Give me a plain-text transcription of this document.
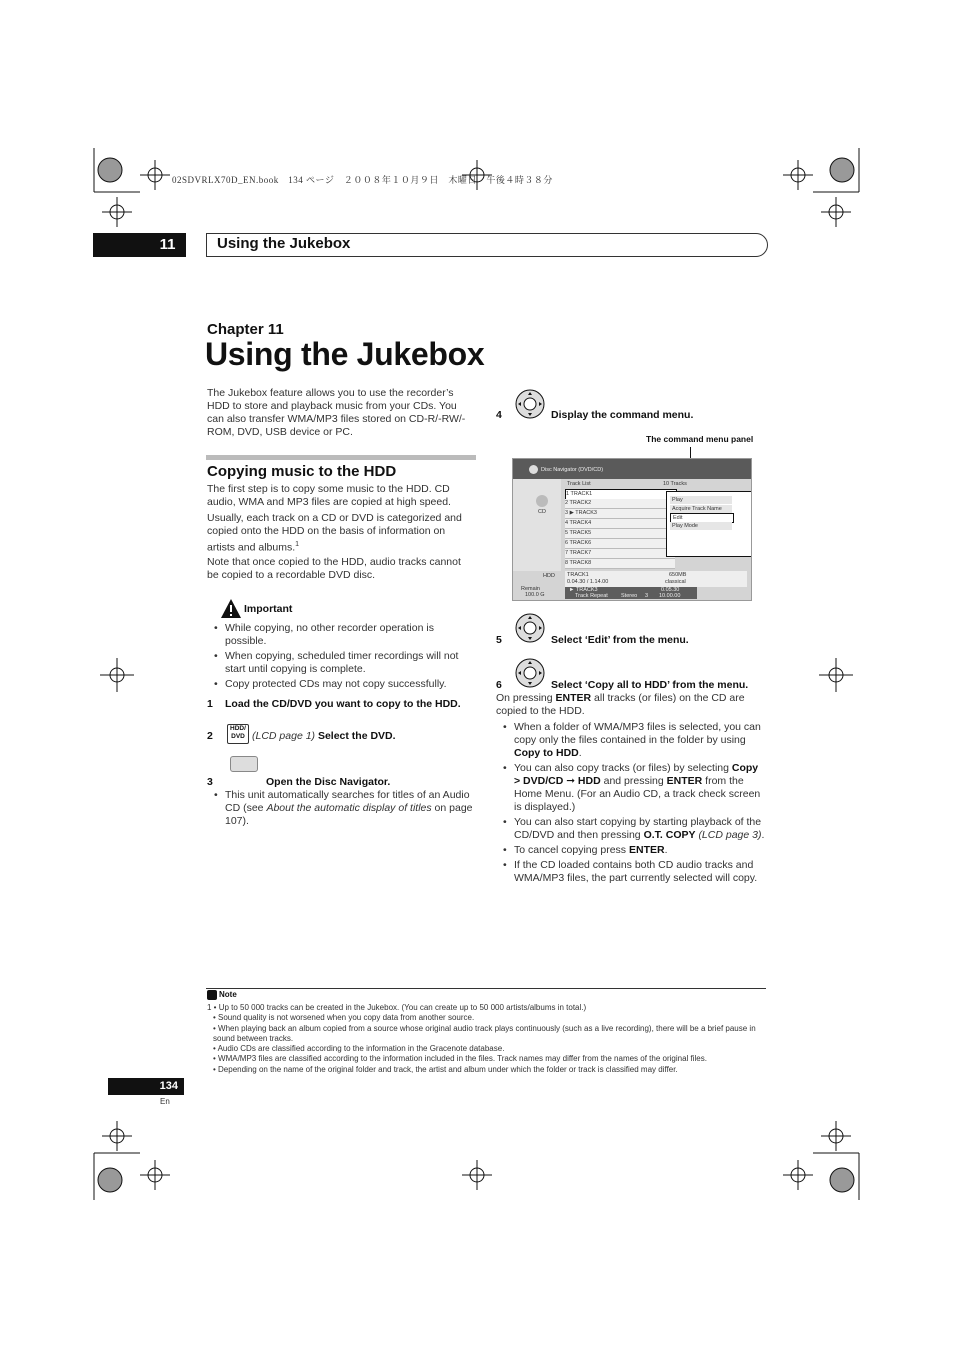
02SDVRLX70D_EN.book　134 ページ　２００８年１０月９日　木曜日　午後４時３８分
11	Using the Jukebox
Chapter 11
Using the Jukebox
The Jukebox feature allows you to use the recorder’s HDD to store and playback music from your CDs. You can also transfer WMA/MP3 files stored on CD-R/-RW/-ROM, DVD, USB device or PC.
Copying music to the HDD
The first step is to copy some music to the HDD. CD audio, WMA and MP3 files are copied at high speed.
Usually, each track on a CD or DVD is categorized and copied onto the HDD on the basis of information on artists and albums.$^1$
Note that once copied to the HDD, audio tracks cannot be copied to a recordable DVD disc.
Important
• While copying, no other recorder operation is possible.
• When copying, scheduled timer recordings will not start until copying is complete.
• Copy protected CDs may not copy successfully.
1 Load the CD/DVD you want to copy to the HDD.
2
HDD/ DVD (LCD page 1) Select the DVD.
3	Open the Disc Navigator.
• This unit automatically searches for titles of an Audio CD (see About the automatic display of titles on page 107).
4	Display the command menu.
The command menu panel
Disc Navigator (DVD/CD)
CD
Track List	10 Tracks
1 TRACK1
2 TRACK2
3 ▶ TRACK3
4 TRACK4
5 TRACK5
6 TRACK6
7 TRACK7
8 TRACK8
Play
Acquire Track Name
Edit
Play Mode
TRACK1
0.04.30 / 1.14.00
650MB
classical
HDD
Remain
100.0 G
► TRACK3	0.05.30
Track Repeat Stereo 3 10.00.00
5	Select ‘Edit’ from the menu.
6	Select ‘Copy all to HDD’ from the menu.
On pressing ENTER all tracks (or files) on the CD are copied to the HDD.
• When a folder of WMA/MP3 files is selected, you can copy only the files contained in the folder by using Copy to HDD.
• You can also copy tracks (or files) by selecting Copy > DVD/CD ➞ HDD and pressing ENTER from the Home Menu. (For an Audio CD, a track check screen is displayed.)
• You can also start copying by starting playback of the CD/DVD and then pressing O.T. COPY (LCD page 3).
• To cancel copying press ENTER.
• If the CD loaded contains both CD audio tracks and WMA/MP3 files, the part currently selected will copy.
Note
1 • Up to 50 000 tracks can be created in the Jukebox. (You can create up to 50 000 artists/albums in total.)
• Sound quality is not worsened when you copy data from another source.
• When playing back an album copied from a source whose original audio track plays continuously (such as a live recording), there will be a brief pause in sound between tracks.
• Audio CDs are classified according to the information in the Gracenote database.
• WMA/MP3 files are classified according to the information included in the files. Track names may differ from the names of the original files.
• Depending on the name of the original folder and track, the artist and album under which the folder or track is classified may differ.
134
En
